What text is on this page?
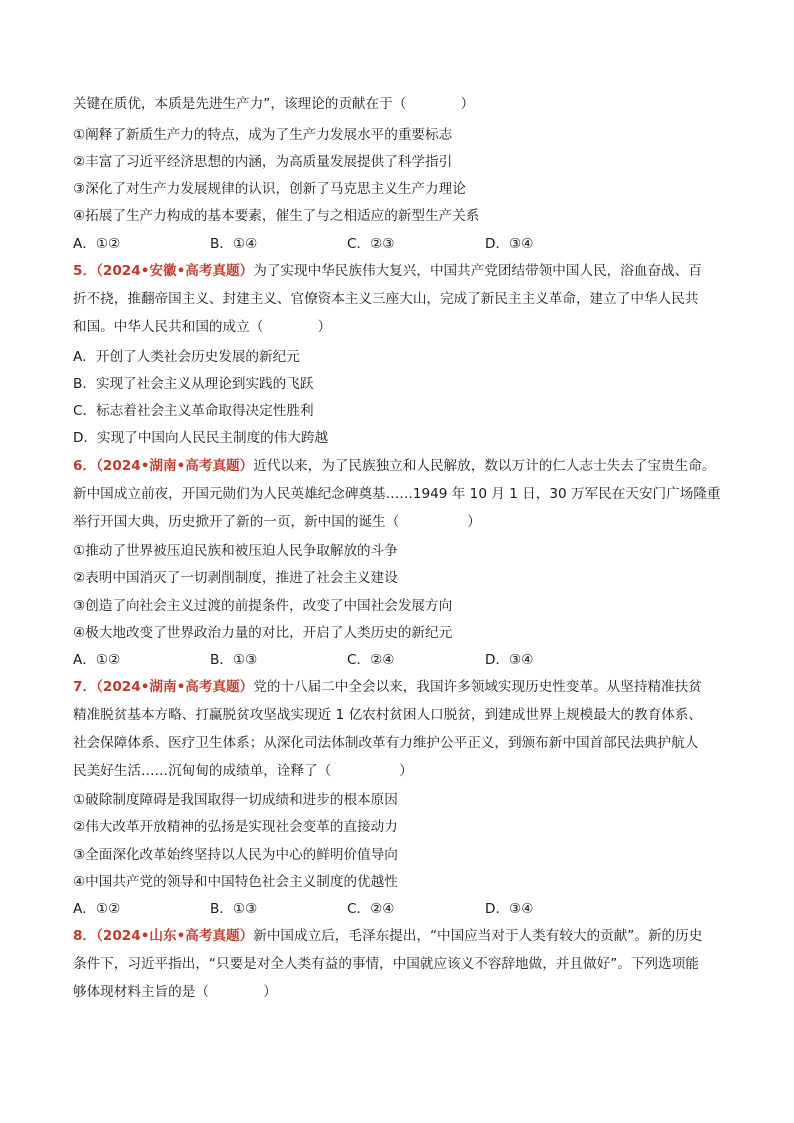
关键在质优，本质是先进生产力”，该理论的贡献在于（　　　　）
①阐释了新质生产力的特点，成为了生产力发展水平的重要标志
②丰富了习近平经济思想的内涵，为高质量发展提供了科学指引
③深化了对生产力发展规律的认识，创新了马克思主义生产力理论
④拓展了生产力构成的基本要素，催生了与之相适应的新型生产关系
A．①②	B．①④	C．②③	D．③④
5．（2024•安徽•高考真题）为了实现中华民族伟大复兴，中国共产党团结带领中国人民，浴血奋战、百
折不挠，推翻帝国主义、封建主义、官僚资本主义三座大山，完成了新民主主义革命，建立了中华人民共
和国。中华人民共和国的成立（　　　　）
A．开创了人类社会历史发展的新纪元
B．实现了社会主义从理论到实践的飞跃
C．标志着社会主义革命取得决定性胜利
D．实现了中国向人民民主制度的伟大跨越
6．（2024•湖南•高考真题）近代以来，为了民族独立和人民解放，数以万计的仁人志士失去了宝贵生命。
新中国成立前夜，开国元勋们为人民英雄纪念碑奠基……1949 年 10 月 1 日，30 万军民在天安门广场隆重
举行开国大典，历史掀开了新的一页，新中国的诞生（　　　　　）
①推动了世界被压迫民族和被压迫人民争取解放的斗争
②表明中国消灭了一切剥削制度，推进了社会主义建设
③创造了向社会主义过渡的前提条件，改变了中国社会发展方向
④极大地改变了世界政治力量的对比，开启了人类历史的新纪元
A．①②	B．①③	C．②④	D．③④
7．（2024•湖南•高考真题）党的十八届二中全会以来，我国许多领域实现历史性变革。从坚持精准扶贫
精准脱贫基本方略、打赢脱贫攻坚战实现近 1 亿农村贫困人口脱贫，到建成世界上规模最大的教育体系、
社会保障体系、医疗卫生体系；从深化司法体制改革有力维护公平正义，到颁布新中国首部民法典护航人
民美好生活……沉甸甸的成绩单，诠释了（　　　　　）
①破除制度障碍是我国取得一切成绩和进步的根本原因
②伟大改革开放精神的弘扬是实现社会变革的直接动力
③全面深化改革始终坚持以人民为中心的鲜明价值导向
④中国共产党的领导和中国特色社会主义制度的优越性
A．①②	B．①③	C．②④	D．③④
8．（2024•山东•高考真题）新中国成立后，毛泽东提出，“中国应当对于人类有较大的贡献”。新的历史
条件下，习近平指出，“只要是对全人类有益的事情，中国就应该义不容辞地做，并且做好”。下列选项能
够体现材料主旨的是（　　　　）
